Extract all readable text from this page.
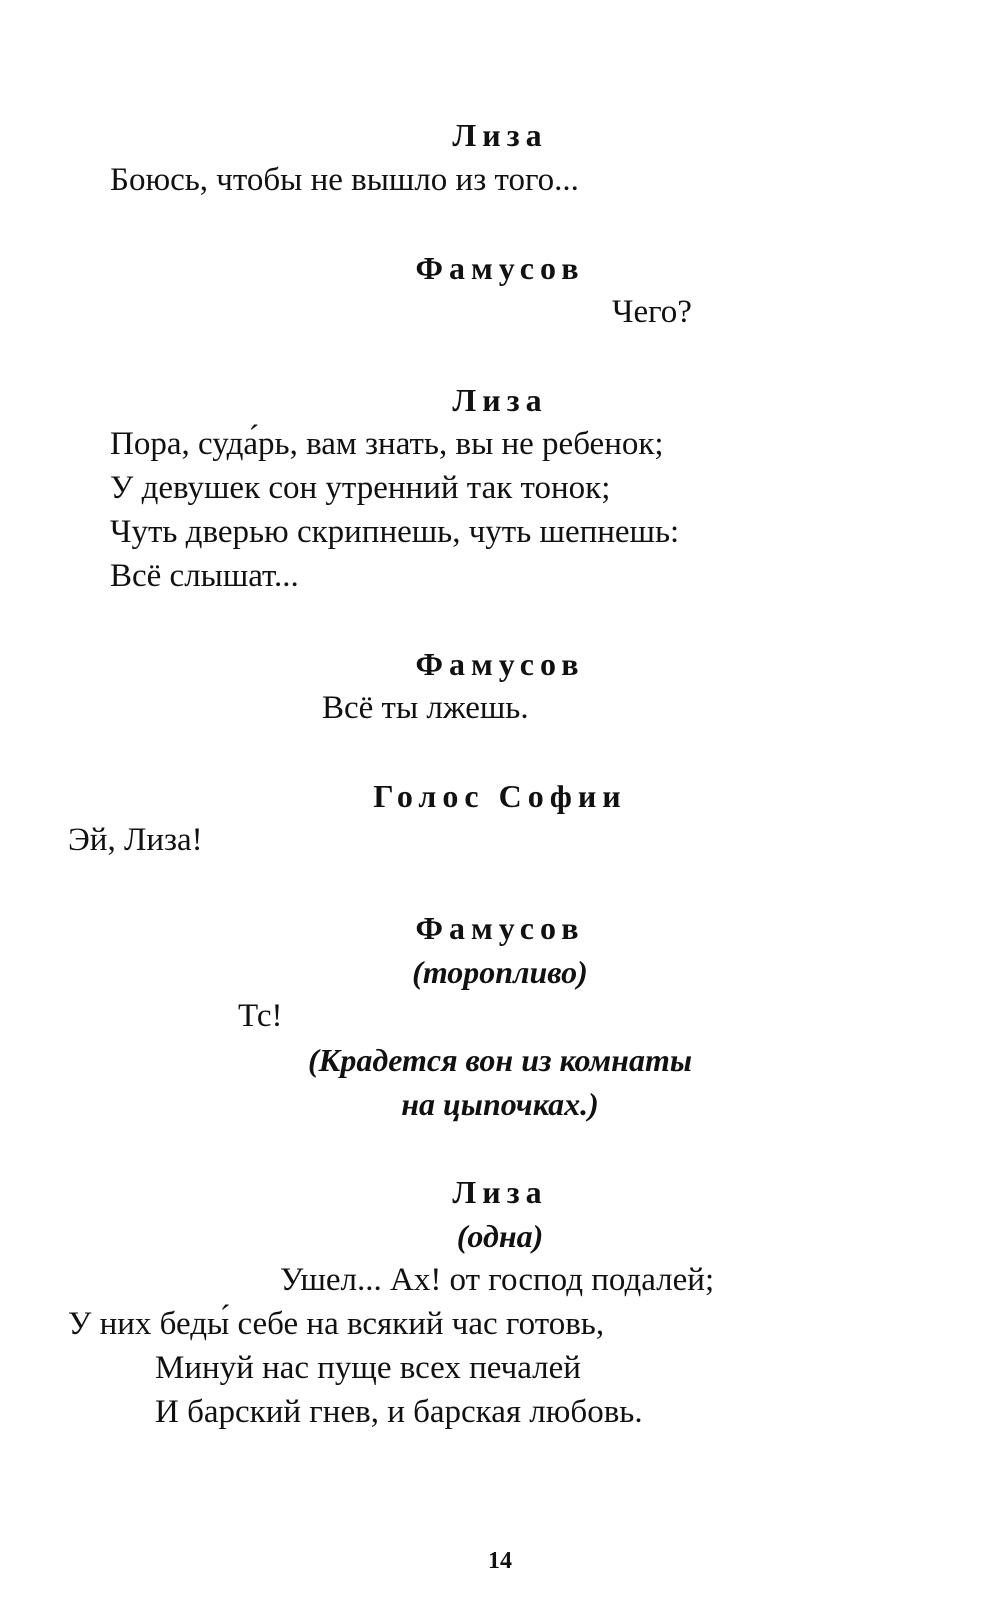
Лиза
Боюсь, чтобы не вышло из того...
Фамусов
Чего?
Лиза
Пора, суда́рь, вам знать, вы не ребенок;
У девушек сон утренний так тонок;
Чуть дверью скрипнешь, чуть шепнешь:
Всё слышат...
Фамусов
Всё ты лжешь.
Голос Софии
Эй, Лиза!
Фамусов
(торопливо)
Тс!
(Крадется вон из комнаты
на цыпочках.)
Лиза
(одна)
Ушел... Ах! от господ подалей;
У них беды́ себе на всякий час готовь,
Минуй нас пуще всех печалей
И барский гнев, и барская любовь.
14
